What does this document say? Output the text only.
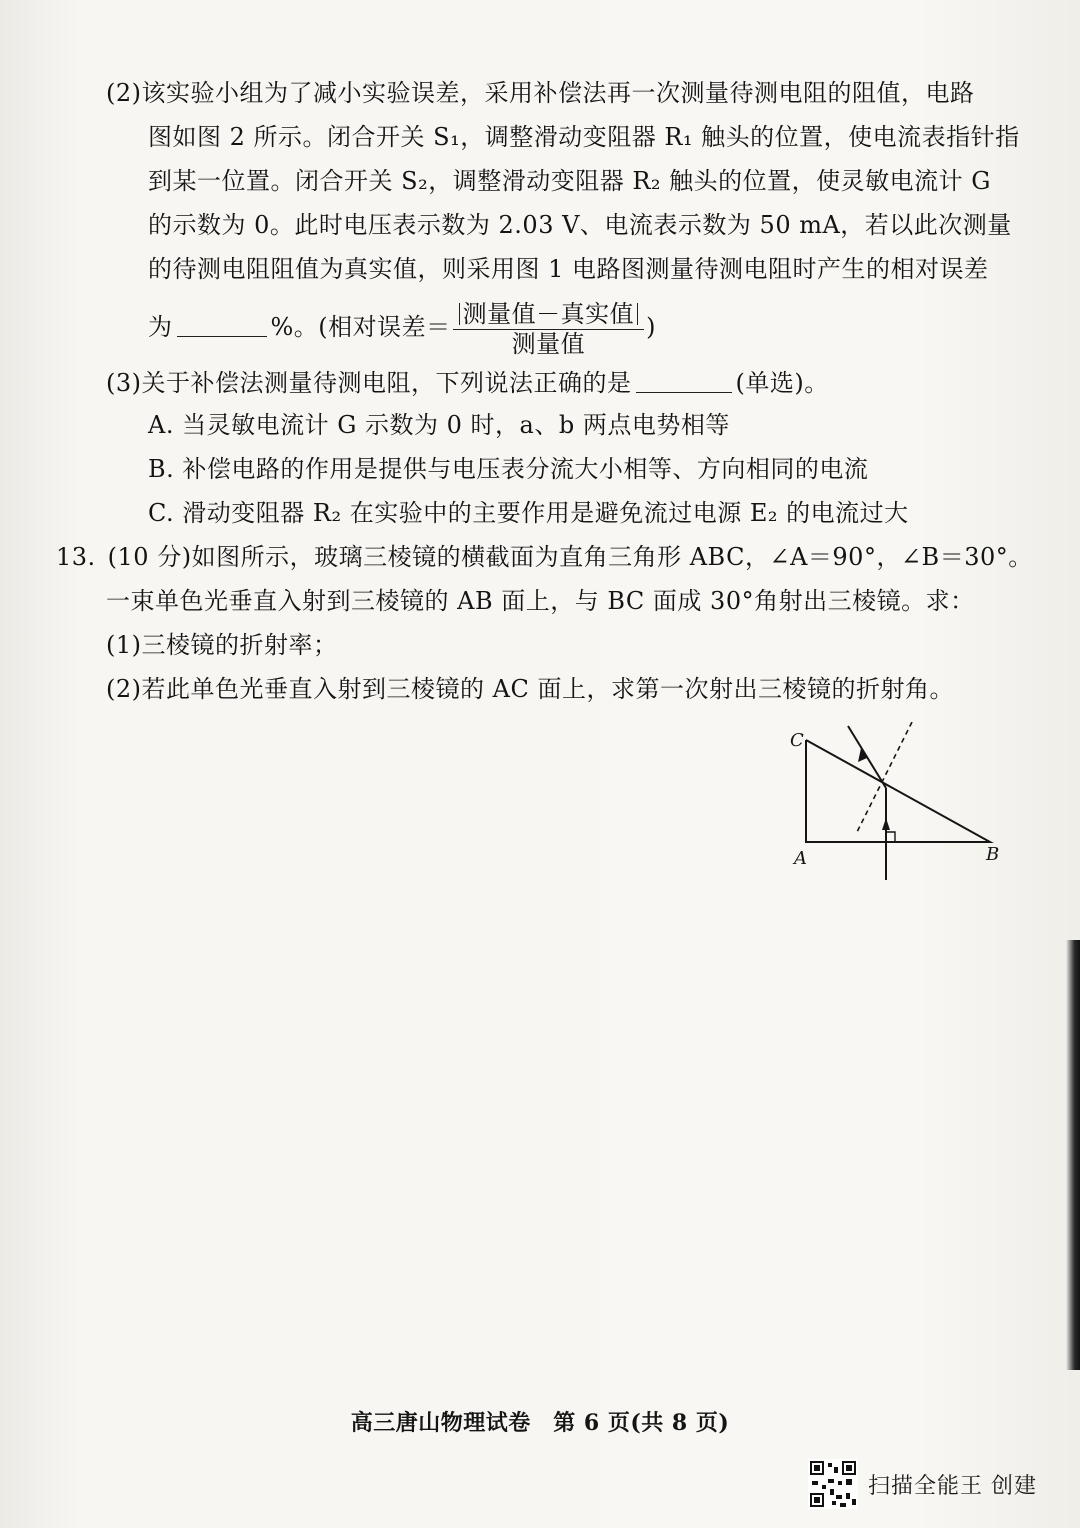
(2)该实验小组为了减小实验误差，采用补偿法再一次测量待测电阻的阻值，电路
图如图 2 所示。闭合开关 S₁，调整滑动变阻器 R₁ 触头的位置，使电流表指针指
到某一位置。闭合开关 S₂，调整滑动变阻器 R₂ 触头的位置，使灵敏电流计 G
的示数为 0。此时电压表示数为 2.03 V、电流表示数为 50 mA，若以此次测量
的待测电阻阻值为真实值，则采用图 1 电路图测量待测电阻时产生的相对误差
为	%。(相对误差＝ $\frac{\text{测量值－真实值}}{\text{测量值}}$ )
(3)关于补偿法测量待测电阻，下列说法正确的是	(单选)。
A. 当灵敏电流计 G 示数为 0 时，a、b 两点电势相等
B. 补偿电路的作用是提供与电压表分流大小相等、方向相同的电流
C. 滑动变阻器 R₂ 在实验中的主要作用是避免流过电源 E₂ 的电流过大
13. (10 分)如图所示，玻璃三棱镜的横截面为直角三角形 ABC，∠A＝90°，∠B＝30°。
一束单色光垂直入射到三棱镜的 AB 面上，与 BC 面成 30°角射出三棱镜。求：
(1)三棱镜的折射率；
(2)若此单色光垂直入射到三棱镜的 AC 面上，求第一次射出三棱镜的折射角。
C
A	B
高三唐山物理试卷　第 6 页(共 8 页)
扫描全能王 创建
